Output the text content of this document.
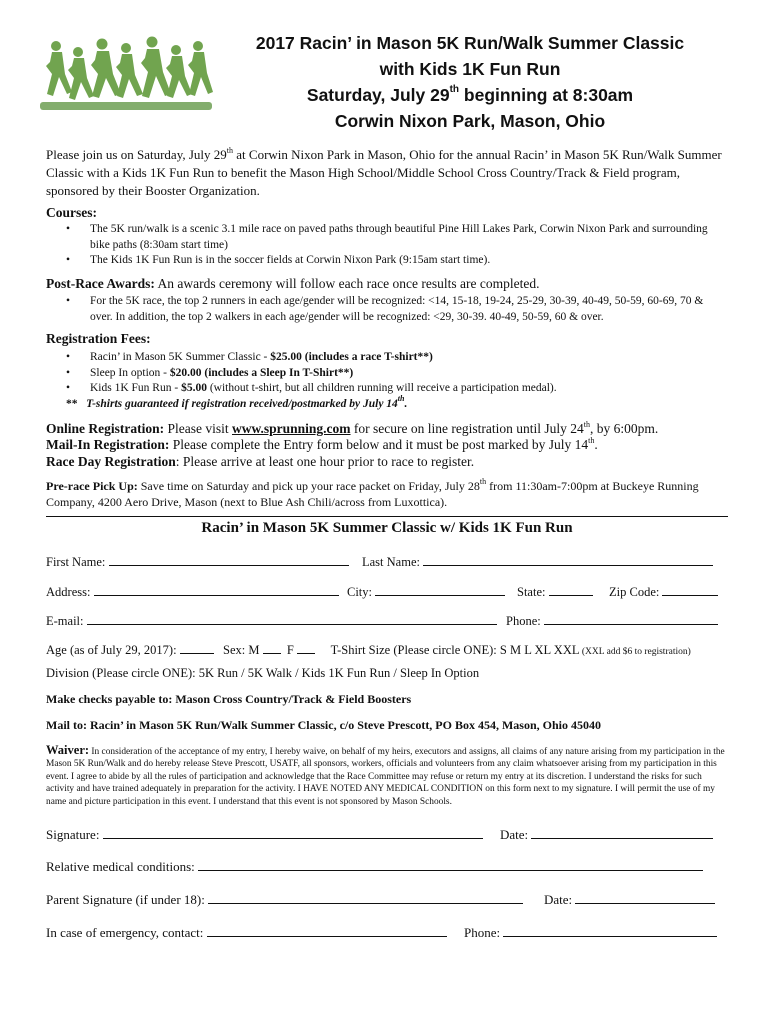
2017 Racin’ in Mason 5K Run/Walk Summer Classic
with Kids 1K Fun Run
Saturday, July 29th beginning at 8:30am
Corwin Nixon Park, Mason, Ohio
Please join us on Saturday, July 29th at Corwin Nixon Park in Mason, Ohio for the annual Racin’ in Mason 5K Run/Walk Summer Classic with a Kids 1K Fun Run to benefit the Mason High School/Middle School Cross Country/Track & Field program, sponsored by their Booster Organization.
Courses:
• The 5K run/walk is a scenic 3.1 mile race on paved paths through beautiful Pine Hill Lakes Park, Corwin Nixon Park and surrounding bike paths (8:30am start time)
• The Kids 1K Fun Run is in the soccer fields at Corwin Nixon Park (9:15am start time).
Post-Race Awards: An awards ceremony will follow each race once results are completed.
• For the 5K race, the top 2 runners in each age/gender will be recognized: <14, 15-18, 19-24, 25-29, 30-39, 40-49, 50-59, 60-69, 70 & over. In addition, the top 2 walkers in each age/gender will be recognized: <29, 30-39. 40-49, 50-59, 60 & over.
Registration Fees:
• Racin’ in Mason 5K Summer Classic - $25.00 (includes a race T-shirt**)
• Sleep In option - $20.00 (includes a Sleep In T-Shirt**)
• Kids 1K Fun Run - $5.00 (without t-shirt, but all children running will receive a participation medal).
** T-shirts guaranteed if registration received/postmarked by July 14th.
Online Registration: Please visit www.sprunning.com for secure on line registration until July 24th, by 6:00pm.
Mail-In Registration: Please complete the Entry form below and it must be post marked by July 14th.
Race Day Registration: Please arrive at least one hour prior to race to register.
Pre-race Pick Up: Save time on Saturday and pick up your race packet on Friday, July 28th from 11:30am-7:00pm at Buckeye Running Company, 4200 Aero Drive, Mason (next to Blue Ash Chili/across from Luxottica).
Racin’ in Mason 5K Summer Classic w/ Kids 1K Fun Run
First Name:	Last Name:
Address:	City:	State:	Zip Code:
E-mail:	Phone:
Age (as of July 29, 2017):	Sex: M F	T-Shirt Size (Please circle ONE): S M L XL XXL (XXL add $6 to registration)
Division (Please circle ONE): 5K Run / 5K Walk / Kids 1K Fun Run / Sleep In Option
Make checks payable to: Mason Cross Country/Track & Field Boosters
Mail to: Racin’ in Mason 5K Run/Walk Summer Classic, c/o Steve Prescott, PO Box 454, Mason, Ohio 45040
Waiver: In consideration of the acceptance of my entry, I hereby waive, on behalf of my heirs, executors and assigns, all claims of any nature arising from my participation in the Mason 5K Run/Walk and do hereby release Steve Prescott, USATF, all sponsors, workers, officials and volunteers from any claim whatsoever arising from my participation in this event. I agree to abide by all the rules of participation and acknowledge that the Race Committee may refuse or return my entry at its discretion. I understand the risks for such activity and have trained adequately in preparation for the activity. I HAVE NOTED ANY MEDICAL CONDITION on this form next to my signature. I will permit the use of my name and picture participation in this event. I understand that this event is not sponsored by Mason Schools.
Signature:	Date:
Relative medical conditions:
Parent Signature (if under 18):	Date:
In case of emergency, contact:	Phone:
